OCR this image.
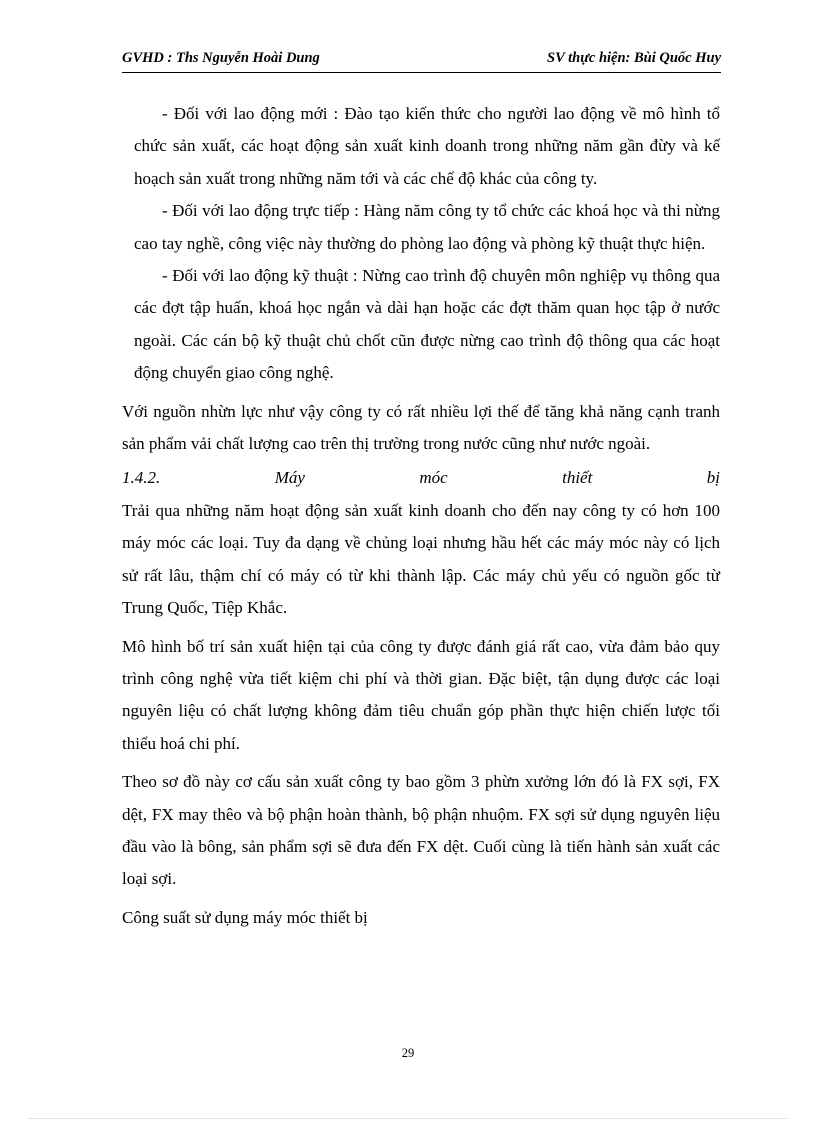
GVHD : Ths Nguyễn Hoài Dung	SV thực hiện: Bùi Quốc Huy

- Đối với lao động mới : Đào tạo kiến thức cho người lao động về mô hình tổ chức sản xuất, các hoạt động sản xuất kinh doanh trong những năm gần đừy và kế hoạch sản xuất trong những năm tới và các chế độ khác của công ty.

- Đối với lao động trực tiếp : Hàng năm công ty tổ chức các khoá học và thi nừng cao tay nghề, công việc này thường do phòng lao động và phòng kỹ thuật thực hiện.

- Đối với lao động kỹ thuật : Nừng cao trình độ chuyên môn nghiệp vụ thông qua các đợt tập huấn, khoá học ngắn và dài hạn hoặc các đợt thăm quan học tập ở nước ngoài. Các cán bộ kỹ thuật chủ chốt cũn được nừng cao trình độ thông qua các hoạt động chuyển giao công nghệ.

Với nguồn nhừn lực như vậy công ty có rất nhiều lợi thế để tăng khả năng cạnh tranh sản phẩm vải chất lượng cao trên thị trường trong nước cũng như nước ngoài.

1.4.2.	Máy	móc	thiết	bị

Trải qua những năm hoạt động sản xuất kinh doanh cho đến nay công ty có hơn 100 máy móc các loại. Tuy đa dạng về chủng loại nhưng hầu hết các máy móc này có lịch sử rất lâu, thậm chí có máy có từ khi thành lập. Các máy chủ yếu có nguồn gốc từ Trung Quốc, Tiệp Khắc.

Mô hình bố trí sản xuất hiện tại của công ty được đánh giá rất cao, vừa đảm bảo quy trình công nghệ vừa tiết kiệm chi phí và thời gian. Đặc biệt, tận dụng được các loại nguyên liệu có chất lượng không đảm tiêu chuẩn góp phần thực hiện chiến lược tối thiểu hoá chi phí.

Theo sơ đồ này cơ cấu sản xuất công ty bao gồm 3 phừn xưởng lớn đó là FX sợi, FX dệt, FX may thêo và bộ phận hoàn thành, bộ phận nhuộm. FX sợi sử dụng nguyên liệu đầu vào là bông, sản phẩm sợi sẽ đưa đến FX dệt. Cuối cùng là tiến hành sản xuất các loại sợi.

Công suất sử dụng máy móc thiết bị

29
